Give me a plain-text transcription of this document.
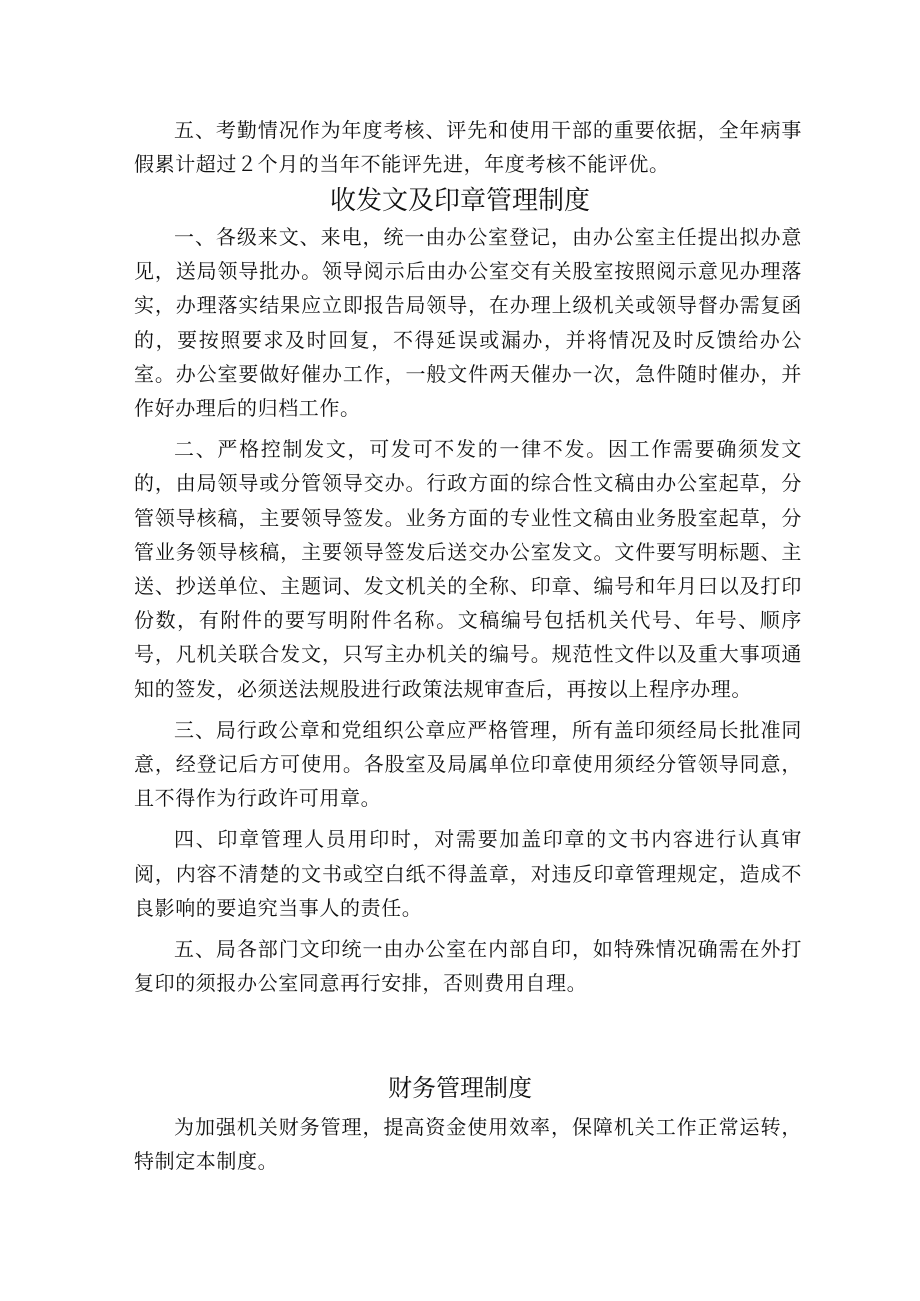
五、考勤情况作为年度考核、评先和使用干部的重要依据，全年病事假累计超过２个月的当年不能评先进，年度考核不能评优。

收发文及印章管理制度

一、各级来文、来电，统一由办公室登记，由办公室主任提出拟办意见，送局领导批办。领导阅示后由办公室交有关股室按照阅示意见办理落实，办理落实结果应立即报告局领导，在办理上级机关或领导督办需复函的，要按照要求及时回复，不得延误或漏办，并将情况及时反馈给办公室。办公室要做好催办工作，一般文件两天催办一次，急件随时催办，并作好办理后的归档工作。

二、严格控制发文，可发可不发的一律不发。因工作需要确须发文的，由局领导或分管领导交办。行政方面的综合性文稿由办公室起草，分管领导核稿，主要领导签发。业务方面的专业性文稿由业务股室起草，分管业务领导核稿，主要领导签发后送交办公室发文。文件要写明标题、主送、抄送单位、主题词、发文机关的全称、印章、编号和年月曰以及打印份数，有附件的要写明附件名称。文稿编号包括机关代号、年号、顺序号，凡机关联合发文，只写主办机关的编号。规范性文件以及重大事项通知的签发，必须送法规股进行政策法规审查后，再按以上程序办理。

三、局行政公章和党组织公章应严格管理，所有盖印须经局长批准同意，经登记后方可使用。各股室及局属单位印章使用须经分管领导同意，且不得作为行政许可用章。

四、印章管理人员用印时，对需要加盖印章的文书内容进行认真审阅，内容不清楚的文书或空白纸不得盖章，对违反印章管理规定，造成不良影响的要追究当事人的责任。

五、局各部门文印统一由办公室在内部自印，如特殊情况确需在外打复印的须报办公室同意再行安排，否则费用自理。

财务管理制度

为加强机关财务管理，提高资金使用效率，保障机关工作正常运转，特制定本制度。
